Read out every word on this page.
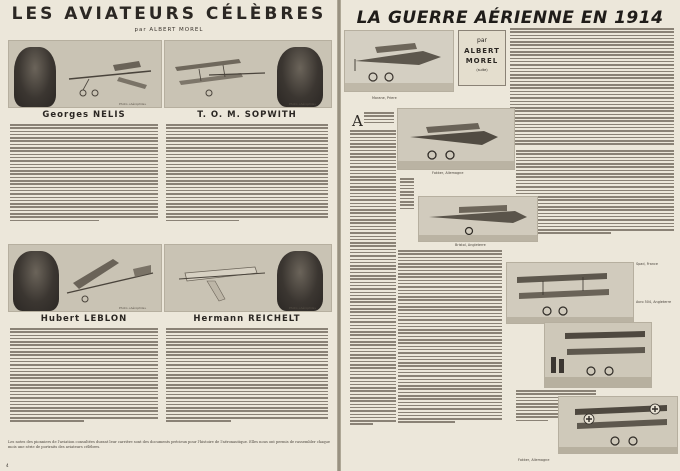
LES AVIATEURS CÉLÈBRES
par ALBERT MOREL
Photo «Aérophile»
Georges NELIS
Photo «Aérophile»
T. O. M. SOPWITH
Photo «Aérophile»
Hubert LEBLON
Photo «Aérophile»
Hermann REICHELT
Les notes des pionniers de l'aviation consultées durant leur carrière sont des documents précieux pour l'histoire de l'aéronautique. Elles nous ont permis de rassembler chaque mois une série de portraits des aviateurs célèbres.
4
LA GUERRE AÉRIENNE EN 1914
Morane, Priere
par
ALBERT
MOREL
(suite)
A
Fokker, Allemagne
Bristol, Angleterre
Spad, France
Avro 504, Angleterre
Fokker, Allemagne
